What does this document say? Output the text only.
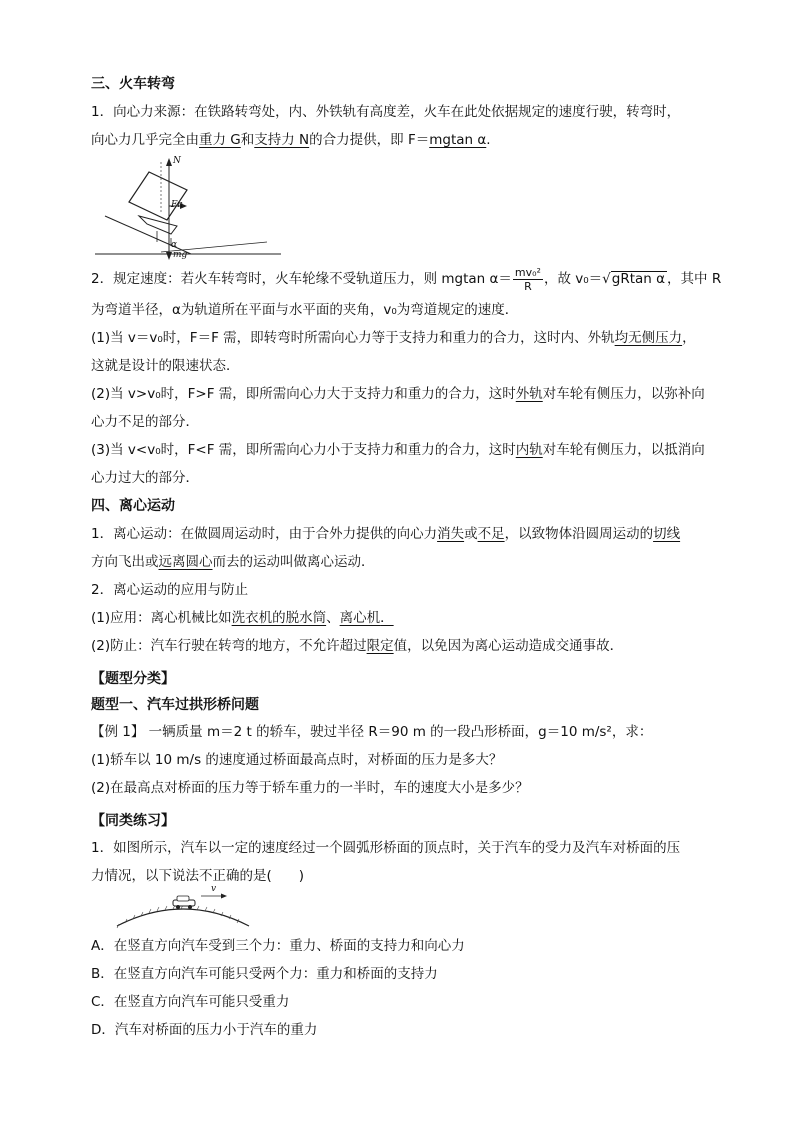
三、火车转弯
1．向心力来源：在铁路转弯处，内、外铁轨有高度差，火车在此处依据规定的速度行驶，转弯时，
向心力几乎完全由重力 G和支持力 N的合力提供，即 F＝mgtan α.
N
Fn
α
mg
2．规定速度：若火车转弯时，火车轮缘不受轨道压力，则 mgtan $\alpha= \frac{\text{mv₀²}}{R}$ ，故 v₀＝√gRtan α ，其中 R
为弯道半径，α为轨道所在平面与水平面的夹角，v₀为弯道规定的速度．
(1)当 v＝v₀时，F＝F 需，即转弯时所需向心力等于支持力和重力的合力，这时内、外轨均无侧压力，
这就是设计的限速状态．
(2)当 v>v₀时，F>F 需，即所需向心力大于支持力和重力的合力，这时外轨对车轮有侧压力，以弥补向
心力不足的部分．
(3)当 v<v₀时，F<F 需，即所需向心力小于支持力和重力的合力，这时内轨对车轮有侧压力，以抵消向
心力过大的部分．
四、离心运动
1．离心运动：在做圆周运动时，由于合外力提供的向心力消失或不足，以致物体沿圆周运动的切线
方向飞出或远离圆心而去的运动叫做离心运动．
2．离心运动的应用与防止
(1)应用：离心机械比如洗衣机的脱水筒、离心机．
(2)防止：汽车行驶在转弯的地方，不允许超过限定值，以免因为离心运动造成交通事故．
【题型分类】
题型一、汽车过拱形桥问题
【例 1】 一辆质量 m＝2 t 的轿车，驶过半径 R＝90 m 的一段凸形桥面，g＝10 m/s²，求：
(1)轿车以 10 m/s 的速度通过桥面最高点时，对桥面的压力是多大？
(2)在最高点对桥面的压力等于轿车重力的一半时，车的速度大小是多少？
【同类练习】
1．如图所示，汽车以一定的速度经过一个圆弧形桥面的顶点时，关于汽车的受力及汽车对桥面的压
力情况，以下说法不正确的是(　　)
v
A．在竖直方向汽车受到三个力：重力、桥面的支持力和向心力
B．在竖直方向汽车可能只受两个力：重力和桥面的支持力
C．在竖直方向汽车可能只受重力
D．汽车对桥面的压力小于汽车的重力
